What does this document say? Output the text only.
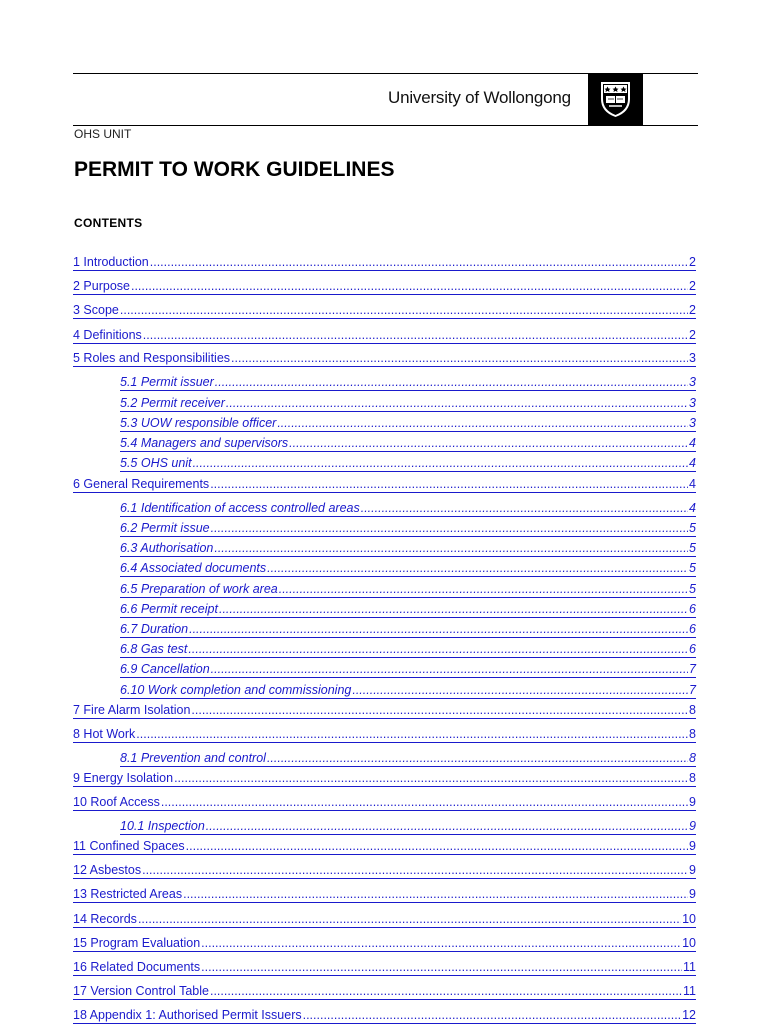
University of Wollongong
OHS UNIT
PERMIT TO WORK GUIDELINES
CONTENTS
1 Introduction .....	2
2 Purpose .....	2
3 Scope .....	2
4 Definitions .....	2
5 Roles and Responsibilities .....	3
5.1 Permit issuer .....	3
5.2 Permit receiver .....	3
5.3 UOW responsible officer .....	3
5.4 Managers and supervisors .....	4
5.5 OHS unit .....	4
6 General Requirements .....	4
6.1 Identification of access controlled areas .....	4
6.2 Permit issue .....	5
6.3 Authorisation .....	5
6.4 Associated documents .....	5
6.5 Preparation of work area .....	5
6.6 Permit receipt .....	6
6.7 Duration .....	6
6.8 Gas test .....	6
6.9 Cancellation .....	7
6.10 Work completion and commissioning .....	7
7 Fire Alarm Isolation .....	8
8 Hot Work .....	8
8.1 Prevention and control .....	8
9 Energy Isolation .....	8
10 Roof Access .....	9
10.1 Inspection .....	9
11 Confined Spaces .....	9
12 Asbestos .....	9
13 Restricted Areas .....	9
14 Records .....	10
15 Program Evaluation .....	10
16 Related Documents .....	11
17 Version Control Table .....	11
18 Appendix 1: Authorised Permit Issuers .....	12
